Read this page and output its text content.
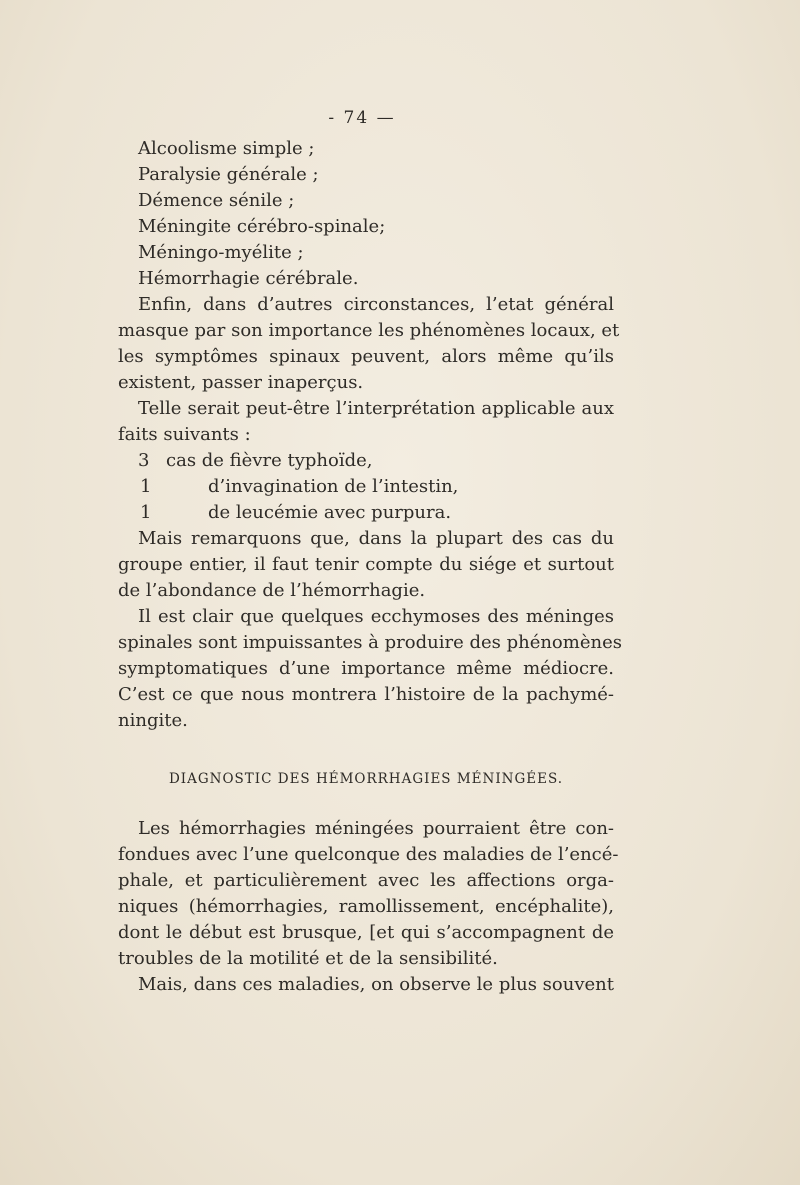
- 74 —
Alcoolisme simple ;
Paralysie générale ;
Démence sénile ;
Méningite cérébro-spinale;
Méningo-myélite ;
Hémorrhagie cérébrale.
Enfin, dans d’autres circonstances, l’etat général
masque par son importance les phénomènes locaux, et
les symptômes spinaux peuvent, alors même qu’ils
existent, passer inaperçus.
Telle serait peut-être l’interprétation applicable aux
faits suivants :
3 cas de fièvre typhoïde,
1	d’invagination de l’intestin,
1	de leucémie avec purpura.
Mais remarquons que, dans la plupart des cas du
groupe entier, il faut tenir compte du siége et surtout
de l’abondance de l’hémorrhagie.
Il est clair que quelques ecchymoses des méninges
spinales sont impuissantes à produire des phénomènes
symptomatiques d’une importance même médiocre.
C’est ce que nous montrera l’histoire de la pachymé-
ningite.
DIAGNOSTIC DES HÉMORRHAGIES MÉNINGÉES.
Les hémorrhagies méningées pourraient être con-
fondues avec l’une quelconque des maladies de l’encé-
phale, et particulièrement avec les affections orga-
niques (hémorrhagies, ramollissement, encéphalite),
dont le début est brusque, [et qui s’accompagnent de
troubles de la motilité et de la sensibilité.
Mais, dans ces maladies, on observe le plus souvent
